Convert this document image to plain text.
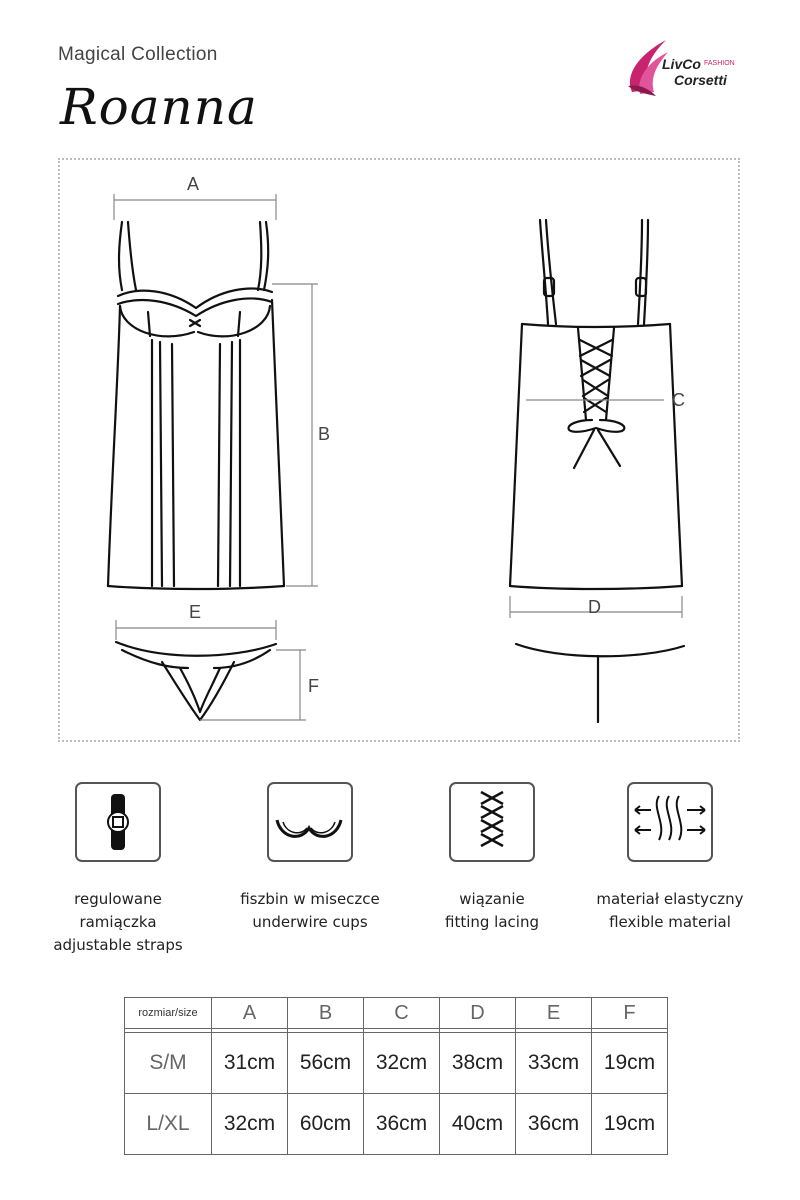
Magical Collection
Roanna
LivCo FASHION
Corsetti
A
B
C
D
E
F
regulowane
ramiączka
adjustable straps
fiszbin w miseczce
underwire cups
wiązanie
fitting lacing
materiał elastyczny
flexible material
rozmiar/size	A	B	C	D	E	F

S/M	31cm	56cm	32cm	38cm	33cm	19cm
L/XL	32cm	60cm	36cm	40cm	36cm	19cm
